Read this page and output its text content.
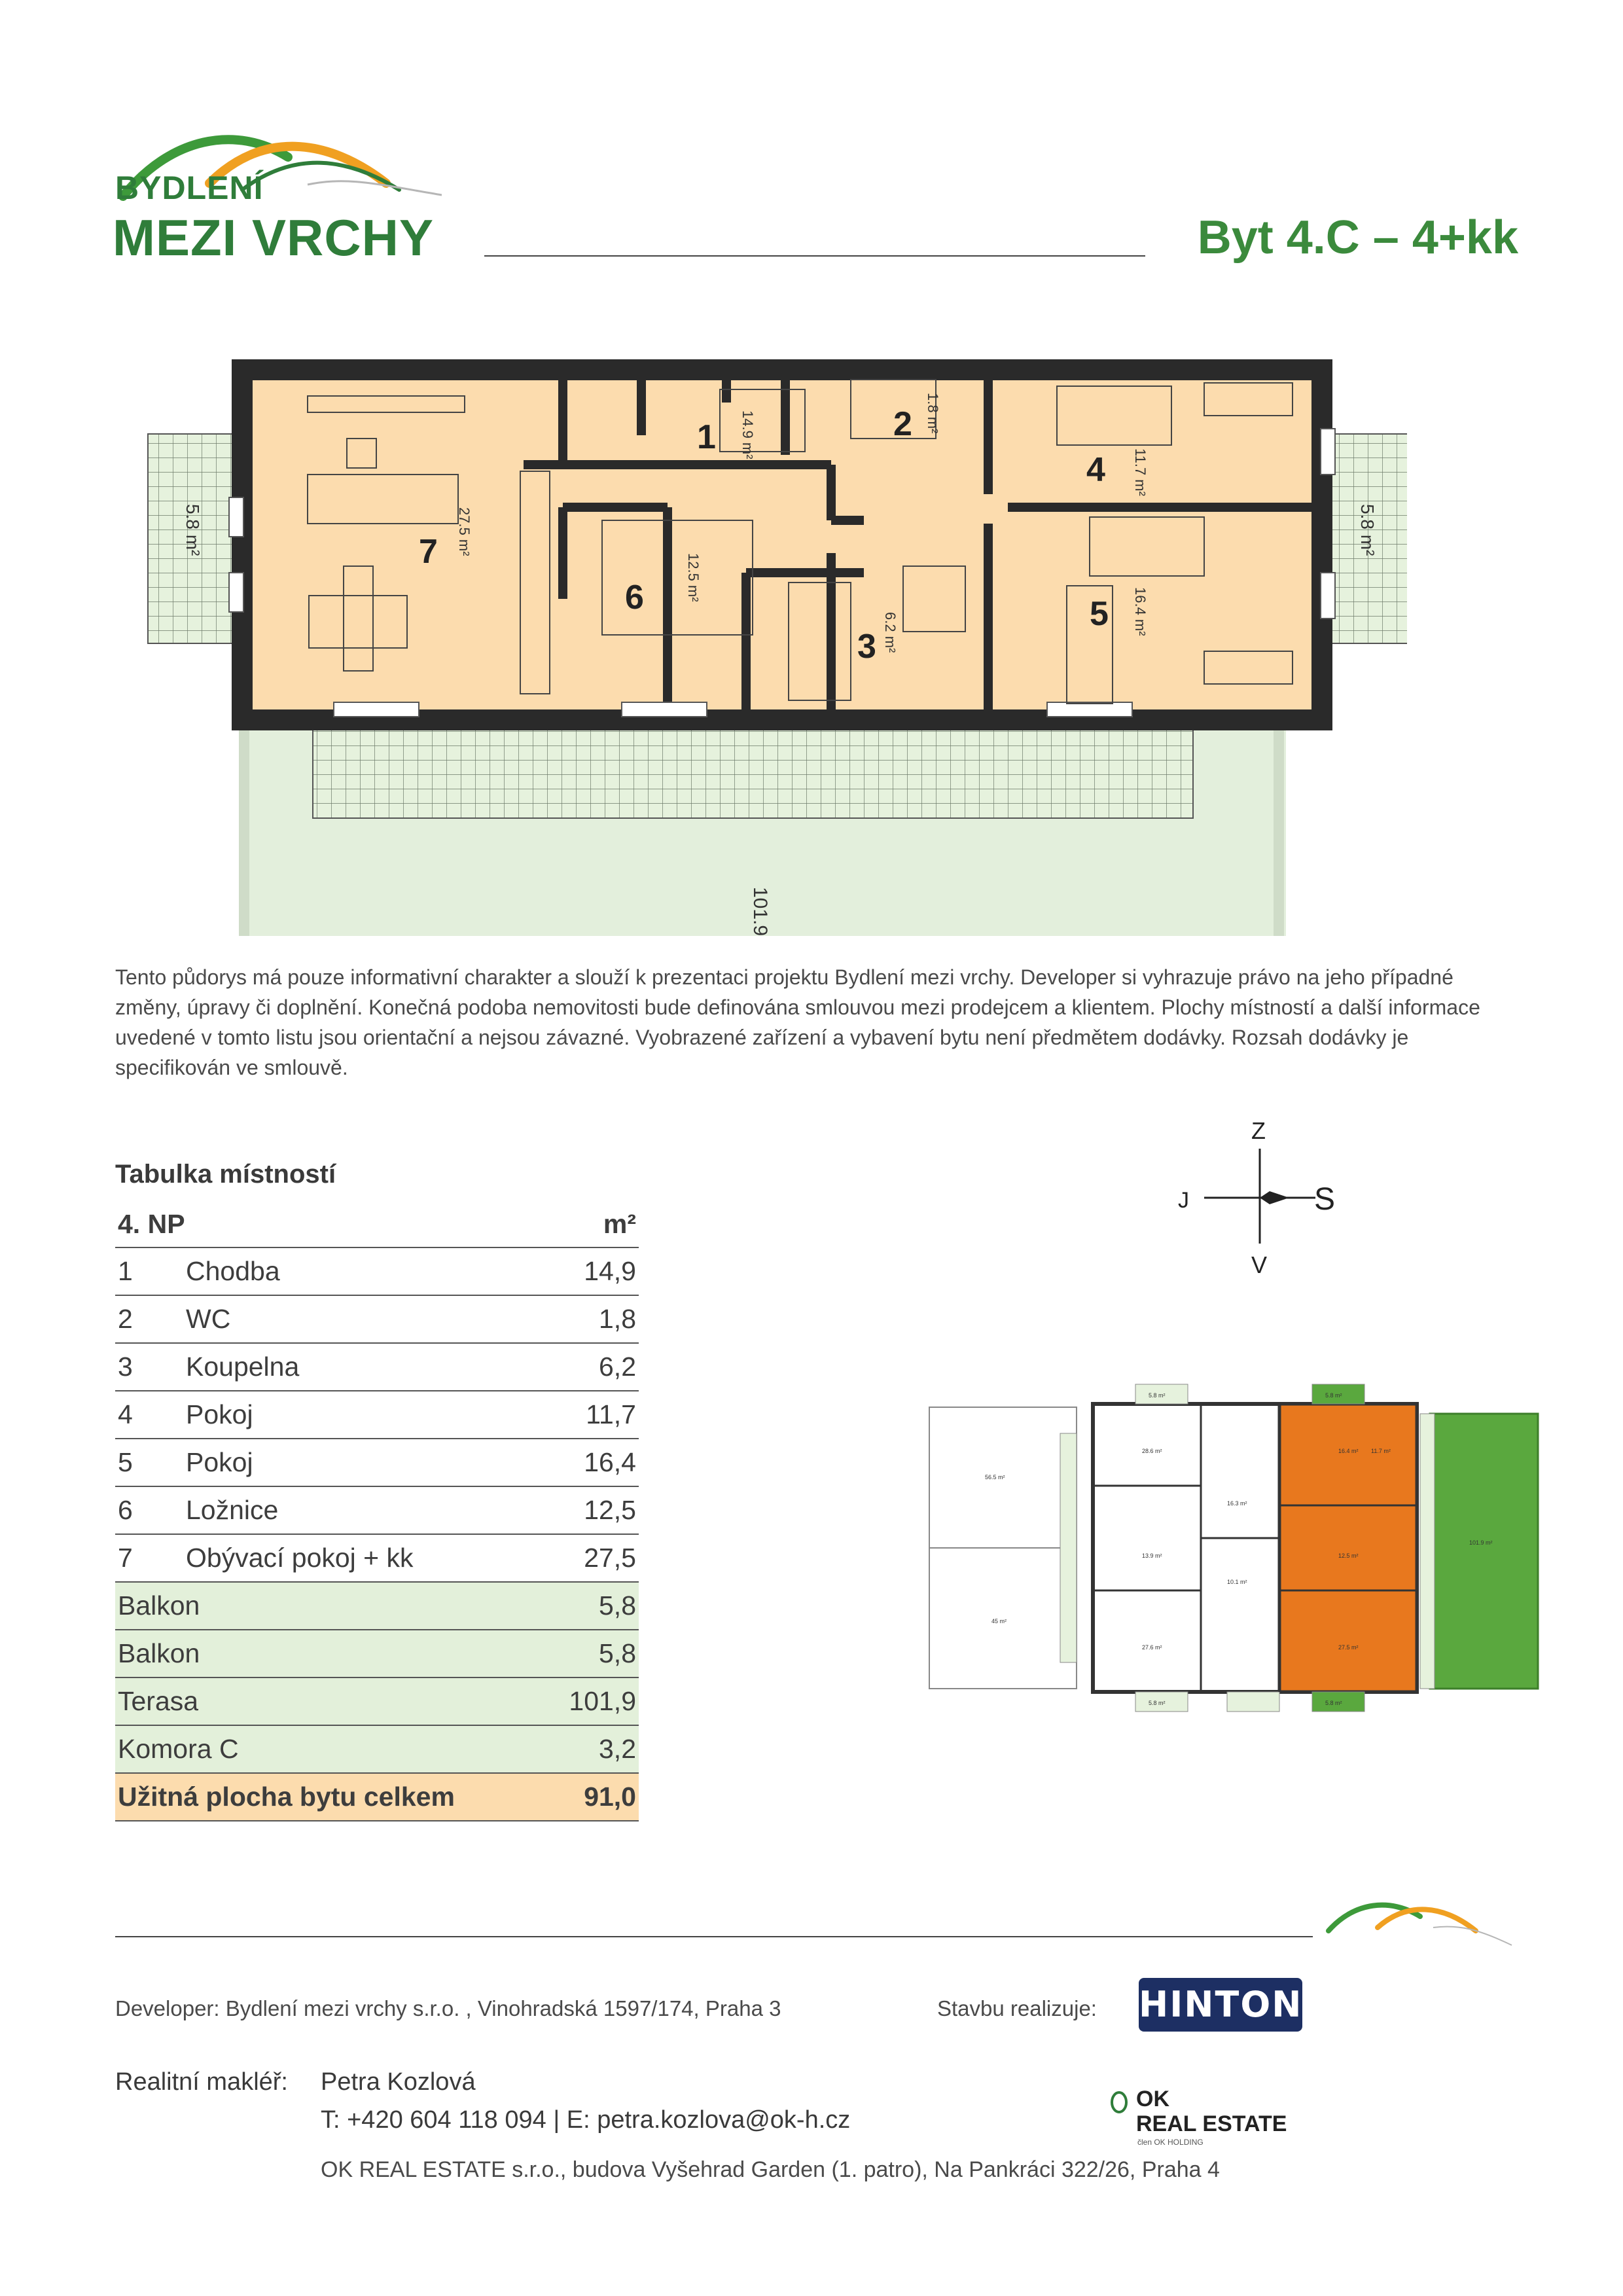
BYDLENÍ
MEZI VRCHY	Byt 4.C – 4+kk
1	2
3
4
5
6
7
14.9 m²	1.8 m²
6.2 m²
11.7 m²
16.4 m²
12.5 m²
27.5 m²
5.8 m²	5.8 m²
101.9
Tento půdorys má pouze informativní charakter a slouží k prezentaci projektu Bydlení mezi vrchy. Developer si vyhrazuje právo na jeho případné změny, úpravy či doplnění. Konečná podoba nemovitosti bude definována smlouvou mezi prodejcem a klientem. Plochy místností a další informace uvedené v tomto listu jsou orientační a nejsou závazné. Vyobrazené zařízení a vybavení bytu není předmětem dodávky. Rozsah dodávky je specifikován ve smlouvě.
Tabulka místností
4. NP		m²
1	Chodba	14,9
2	WC	1,8
3	Koupelna	6,2
4	Pokoj	11,7
5	Pokoj	16,4
6	Ložnice	12,5
7	Obývací pokoj + kk	27,5
Balkon		5,8
Balkon		5,8
Terasa		101,9
Komora C		3,2
Užitná plocha bytu celkem		91,0
Z
J	S
V
5.8 m²	5.8 m²
5.8 m²	5.8 m²
56.5 m²
45 m²
101.9 m²
28.6 m²
27.6 m²	27.5 m²
16.4 m² 11.7 m²
12.5 m²
13.9 m²
10.1 m²
16.3 m²
Developer: Bydlení mezi vrchy s.r.o. , Vinohradská 1597/174, Praha 3	Stavbu realizuje: HINTON
Realitní makléř: Petra Kozlová
T: +420 604 118 094 | E: petra.kozlova@ok-h.cz
OK
REAL ESTATE
člen OK HOLDING
OK REAL ESTATE s.r.o., budova Vyšehrad Garden (1. patro), Na Pankráci 322/26, Praha 4
